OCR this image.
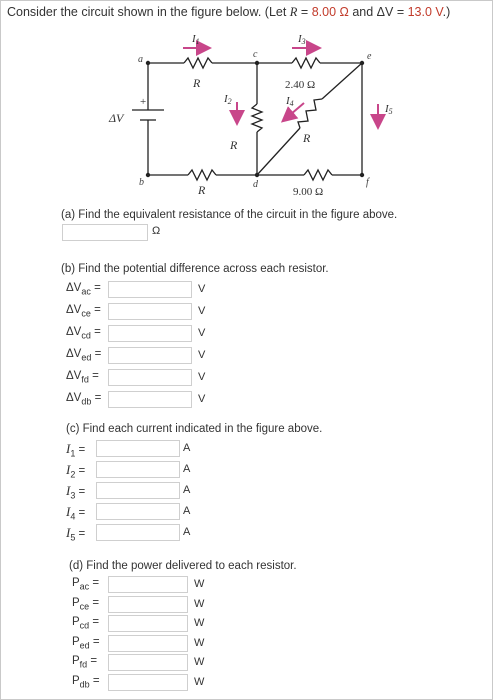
Consider the circuit shown in the figure below. (Let R = 8.00 Ω and ΔV = 13.0 V.)
a	c	e
b	d	f
+
ΔV
R
R	R
R
2.40 Ω
9.00 Ω
I1	I3
I2	I4	I5
(a) Find the equivalent resistance of the circuit in the figure above.
Ω
(b) Find the potential difference across each resistor.
$\Delta V_{ac}$ =	V
$\Delta V_{ce}$ =	V
$\Delta V_{cd}$ =	V
$\Delta V_{ed}$ =	V
$\Delta V_{fd}$ =	V
$\Delta V_{db}$ =	V
(c) Find each current indicated in the figure above.
$I_1$ =	A
$I_2$ =	A
$I_3$ =	A
$I_4$ =	A
$I_5$ =	A
(d) Find the power delivered to each resistor.
$P_{ac}$ =	W
$P_{ce}$ =	W
$P_{cd}$ =	W
$P_{ed}$ =	W
$P_{fd}$ =	W
$P_{db}$ =	W
